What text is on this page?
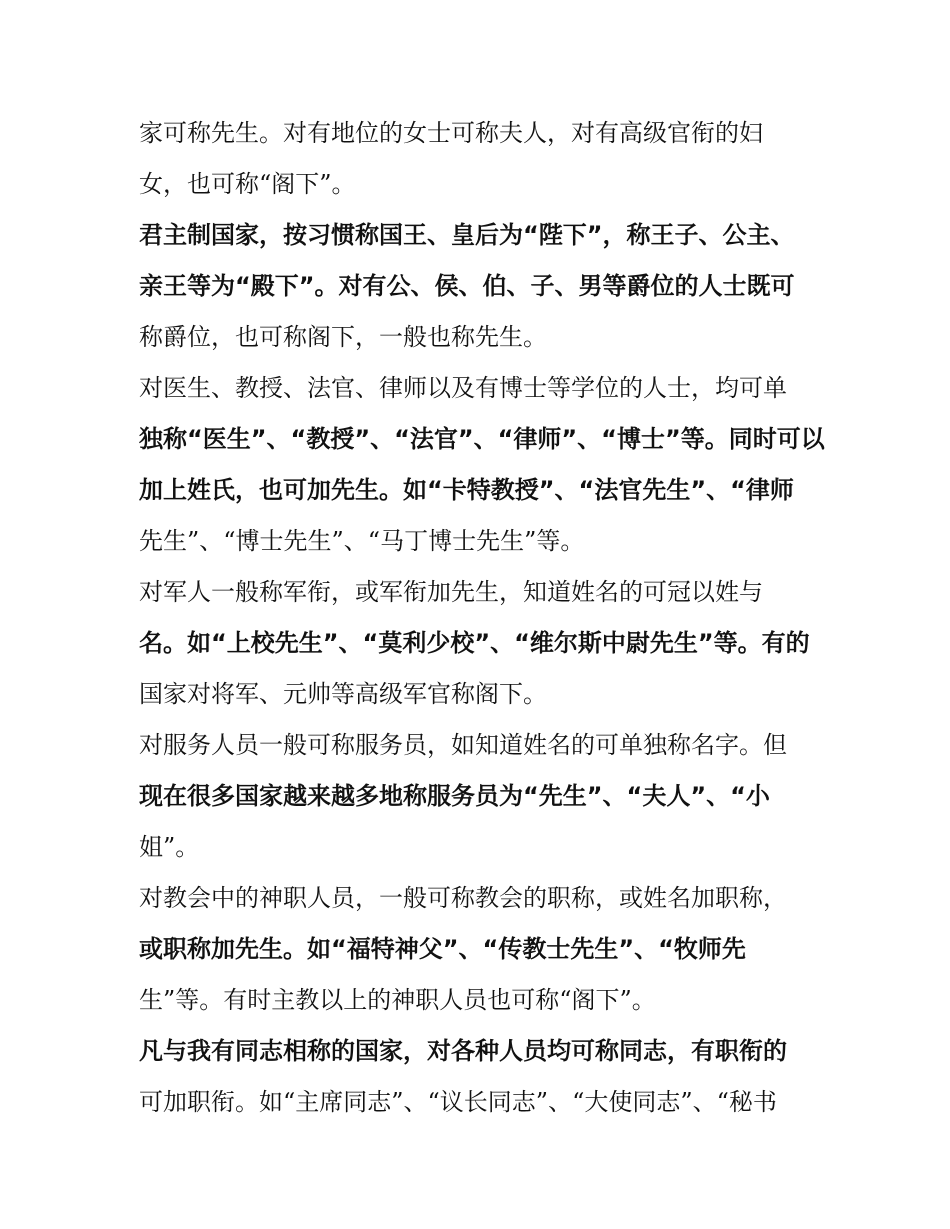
家可称先生。对有地位的女士可称夫人，对有高级官衔的妇
女，也可称“阁下”。
君主制国家，按习惯称国王、皇后为“陛下”，称王子、公主、
亲王等为“殿下”。对有公、侯、伯、子、男等爵位的人士既可
称爵位，也可称阁下，一般也称先生。
对医生、教授、法官、律师以及有博士等学位的人士，均可单
独称“医生”、“教授”、“法官”、“律师”、“博士”等。同时可以
加上姓氏，也可加先生。如“卡特教授”、“法官先生”、“律师
先生”、“博士先生”、“马丁博士先生”等。
对军人一般称军衔，或军衔加先生，知道姓名的可冠以姓与
名。如“上校先生”、“莫利少校”、“维尔斯中尉先生”等。有的
国家对将军、元帅等高级军官称阁下。
对服务人员一般可称服务员，如知道姓名的可单独称名字。但
现在很多国家越来越多地称服务员为“先生”、“夫人”、“小
姐”。
对教会中的神职人员，一般可称教会的职称，或姓名加职称，
或职称加先生。如“福特神父”、“传教士先生”、“牧师先
生”等。有时主教以上的神职人员也可称“阁下”。
凡与我有同志相称的国家，对各种人员均可称同志，有职衔的
可加职衔。如“主席同志”、“议长同志”、“大使同志”、“秘书
